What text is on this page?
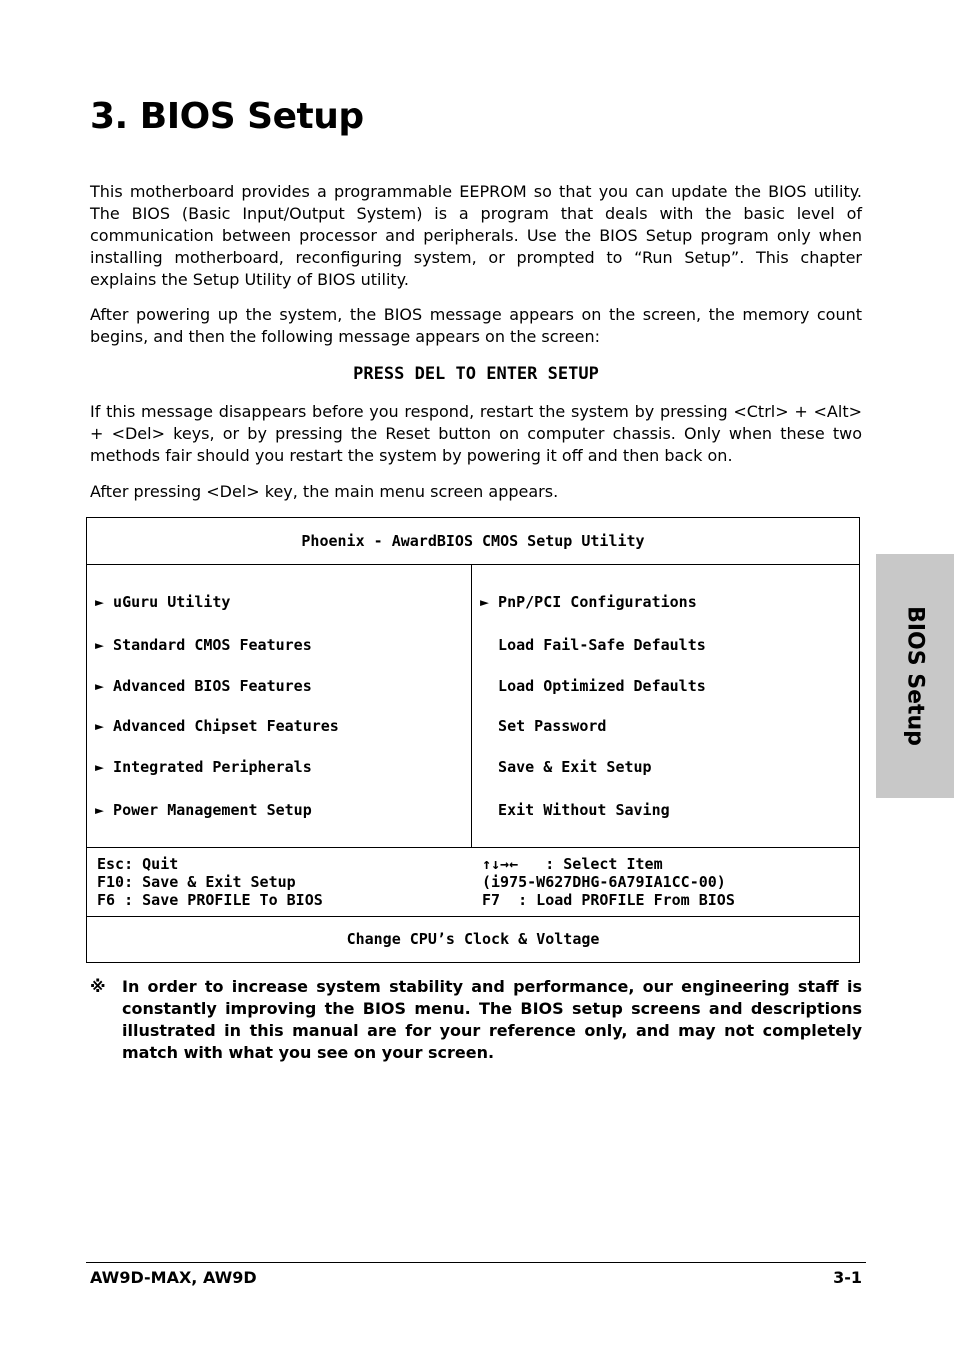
3. BIOS Setup

This motherboard provides a programmable EEPROM so that you can update the BIOS utility. The BIOS (Basic Input/Output System) is a program that deals with the basic level of communication between processor and peripherals. Use the BIOS Setup program only when installing motherboard, reconfiguring system, or prompted to “Run Setup”. This chapter explains the Setup Utility of BIOS utility.

After powering up the system, the BIOS message appears on the screen, the memory count begins, and then the following message appears on the screen:

PRESS DEL TO ENTER SETUP

If this message disappears before you respond, restart the system by pressing <Ctrl> + <Alt> + <Del> keys, or by pressing the Reset button on computer chassis. Only when these two methods fair should you restart the system by powering it off and then back on.

After pressing <Del> key, the main menu screen appears.

Phoenix - AwardBIOS CMOS Setup Utility
► uGuru Utility
► Standard CMOS Features
► Advanced BIOS Features
► Advanced Chipset Features
► Integrated Peripherals
► Power Management Setup
► PnP/PCI Configurations
Load Fail-Safe Defaults
Load Optimized Defaults
Set Password
Save & Exit Setup
Exit Without Saving
Esc: Quit
F10: Save & Exit Setup
F6 : Save PROFILE To BIOS
↑↓→←   : Select Item
(i975-W627DHG-6A79IA1CC-00)
F7  : Load PROFILE From BIOS
Change CPU’s Clock & Voltage
※ In order to increase system stability and performance, our engineering staff is constantly improving the BIOS menu. The BIOS setup screens and descriptions illustrated in this manual are for your reference only, and may not completely match with what you see on your screen.
BIOS Setup
AW9D-MAX, AW9D	3-1
